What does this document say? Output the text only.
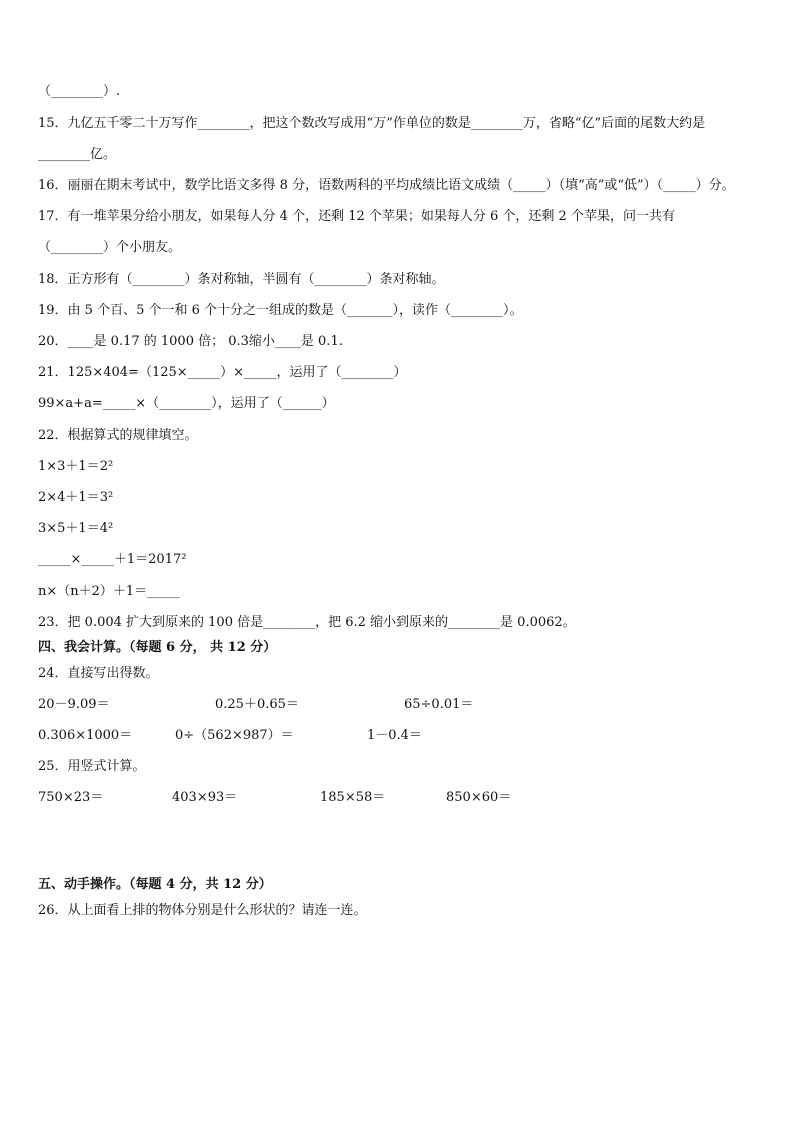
（________）.
15．九亿五千零二十万写作________，把这个数改写成用“万”作单位的数是________万，省略“亿”后面的尾数大约是
________亿。
16．丽丽在期末考试中，数学比语文多得 8 分，语数两科的平均成绩比语文成绩（_____）（填“高”或“低”）（_____）分。
17．有一堆苹果分给小朋友，如果每人分 4 个，还剩 12 个苹果；如果每人分 6 个，还剩 2 个苹果，问一共有
（________）个小朋友。
18．正方形有（________）条对称轴，半圆有（________）条对称轴。
19．由 5 个百、5 个一和 6 个十分之一组成的数是（_______），读作（________）。
20．____是 0.17 的 1000 倍； 0.3缩小____是 0.1.
21．125×404=（125×_____）×_____，运用了（________）
99×a+a=_____×（________），运用了（______）
22．根据算式的规律填空。
1×3＋1＝2²
2×4＋1＝3²
3×5＋1＝4²
_____×_____＋1＝2017²
n×（n＋2）＋1＝_____
23．把 0.004 扩大到原来的 100 倍是________，把 6.2 缩小到原来的________是 0.0062。
四、我会计算。（每题 6 分， 共 12 分）
24．直接写出得数。
20－9.09＝	0.25＋0.65＝	65÷0.01＝
0.306×1000＝	0÷（562×987）＝	1－0.4＝
25．用竖式计算。
750×23＝	403×93＝	185×58＝	850×60＝
五、动手操作。（每题 4 分，共 12 分）
26．从上面看上排的物体分别是什么形状的？请连一连。
